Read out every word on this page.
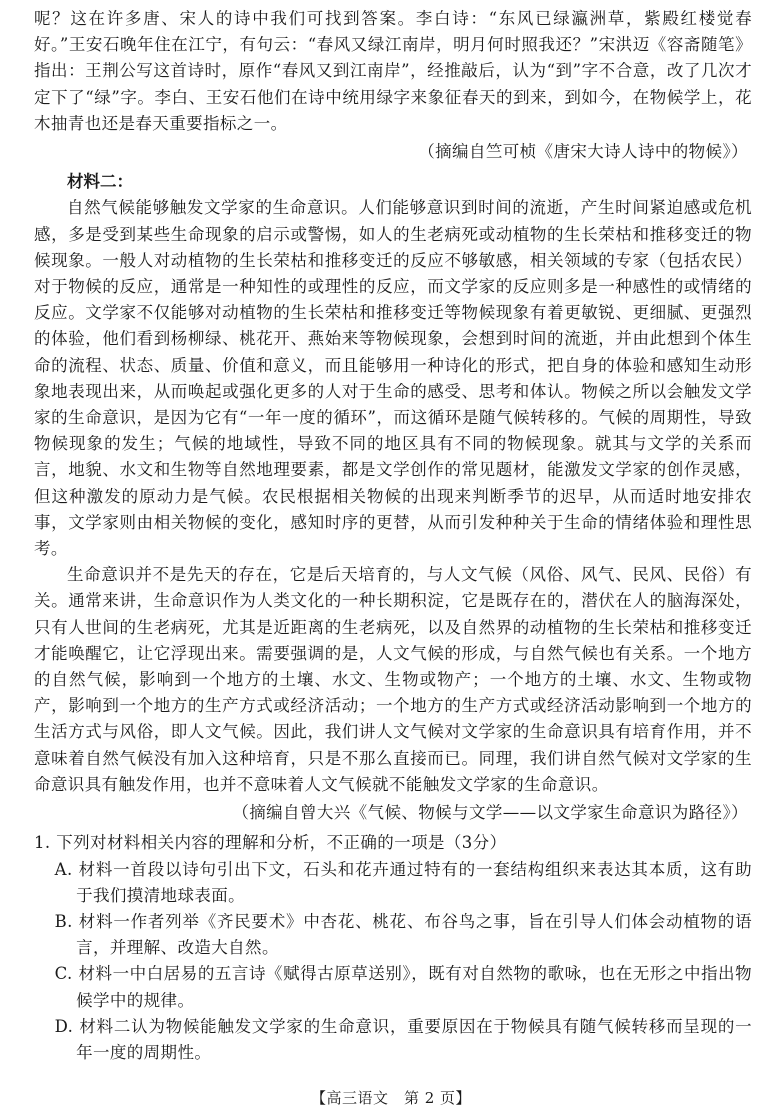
呢？这在许多唐、宋人的诗中我们可找到答案。李白诗：“东风已绿瀛洲草，紫殿红楼觉春好。”王安石晚年住在江宁，有句云：“春风又绿江南岸，明月何时照我还？”宋洪迈《容斋随笔》指出：王荆公写这首诗时，原作“春风又到江南岸”，经推敲后，认为“到”字不合意，改了几次才定下了“绿”字。李白、王安石他们在诗中统用绿字来象征春天的到来，到如今，在物候学上，花木抽青也还是春天重要指标之一。

（摘编自竺可桢《唐宋大诗人诗中的物候》）

材料二：

自然气候能够触发文学家的生命意识。人们能够意识到时间的流逝，产生时间紧迫感或危机感，多是受到某些生命现象的启示或警惕，如人的生老病死或动植物的生长荣枯和推移变迁的物候现象。一般人对动植物的生长荣枯和推移变迁的反应不够敏感，相关领域的专家（包括农民）对于物候的反应，通常是一种知性的或理性的反应，而文学家的反应则多是一种感性的或情绪的反应。文学家不仅能够对动植物的生长荣枯和推移变迁等物候现象有着更敏锐、更细腻、更强烈的体验，他们看到杨柳绿、桃花开、燕始来等物候现象，会想到时间的流逝，并由此想到个体生命的流程、状态、质量、价值和意义，而且能够用一种诗化的形式，把自身的体验和感知生动形象地表现出来，从而唤起或强化更多的人对于生命的感受、思考和体认。物候之所以会触发文学家的生命意识，是因为它有“一年一度的循环”，而这循环是随气候转移的。气候的周期性，导致物候现象的发生；气候的地域性，导致不同的地区具有不同的物候现象。就其与文学的关系而言，地貌、水文和生物等自然地理要素，都是文学创作的常见题材，能激发文学家的创作灵感，但这种激发的原动力是气候。农民根据相关物候的出现来判断季节的迟早，从而适时地安排农事，文学家则由相关物候的变化，感知时序的更替，从而引发种种关于生命的情绪体验和理性思考。

生命意识并不是先天的存在，它是后天培育的，与人文气候（风俗、风气、民风、民俗）有关。通常来讲，生命意识作为人类文化的一种长期积淀，它是既存在的，潜伏在人的脑海深处，只有人世间的生老病死，尤其是近距离的生老病死，以及自然界的动植物的生长荣枯和推移变迁才能唤醒它，让它浮现出来。需要强调的是，人文气候的形成，与自然气候也有关系。一个地方的自然气候，影响到一个地方的土壤、水文、生物或物产；一个地方的土壤、水文、生物或物产，影响到一个地方的生产方式或经济活动；一个地方的生产方式或经济活动影响到一个地方的生活方式与风俗，即人文气候。因此，我们讲人文气候对文学家的生命意识具有培育作用，并不意味着自然气候没有加入这种培育，只是不那么直接而已。同理，我们讲自然气候对文学家的生命意识具有触发作用，也并不意味着人文气候就不能触发文学家的生命意识。

（摘编自曾大兴《气候、物候与文学——以文学家生命意识为路径》）

1. 下列对材料相关内容的理解和分析，不正确的一项是（3分）

A. 材料一首段以诗句引出下文，石头和花卉通过特有的一套结构组织来表达其本质，这有助于我们摸清地球表面。

B. 材料一作者列举《齐民要术》中杏花、桃花、布谷鸟之事，旨在引导人们体会动植物的语言，并理解、改造大自然。

C. 材料一中白居易的五言诗《赋得古原草送别》，既有对自然物的歌咏，也在无形之中指出物候学中的规律。

D. 材料二认为物候能触发文学家的生命意识，重要原因在于物候具有随气候转移而呈现的一年一度的周期性。

【高三语文　第 2 页】
